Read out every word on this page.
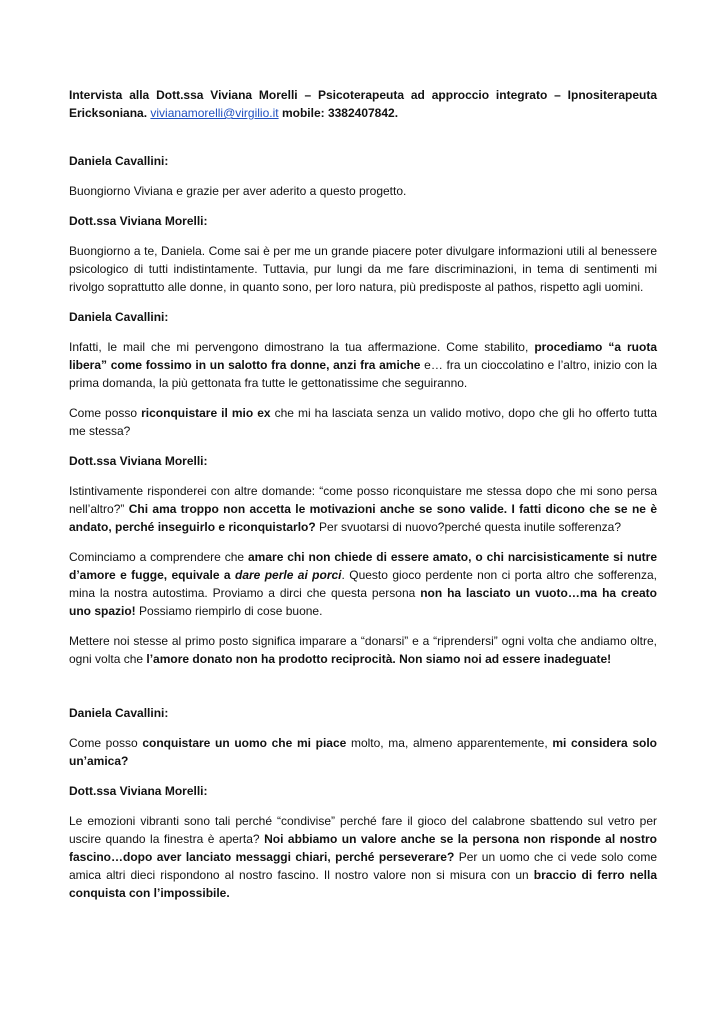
Intervista alla Dott.ssa Viviana Morelli – Psicoterapeuta ad approccio integrato – Ipnositerapeuta Ericksoniana. vivianamorelli@virgilio.it mobile: 3382407842.

Daniela Cavallini:

Buongiorno Viviana e grazie per aver aderito a questo progetto.

Dott.ssa Viviana Morelli:

Buongiorno a te, Daniela. Come sai è per me un grande piacere poter divulgare informazioni utili al benessere psicologico di tutti indistintamente. Tuttavia, pur lungi da me fare discriminazioni, in tema di sentimenti mi rivolgo soprattutto alle donne, in quanto sono, per loro natura, più predisposte al pathos, rispetto agli uomini.

Daniela Cavallini:

Infatti, le mail che mi pervengono dimostrano la tua affermazione. Come stabilito, procediamo “a ruota libera” come fossimo in un salotto fra donne, anzi fra amiche e… fra un cioccolatino e l’altro, inizio con la prima domanda, la più gettonata fra tutte le gettonatissime che seguiranno.

Come posso riconquistare il mio ex che mi ha lasciata senza un valido motivo, dopo che gli ho offerto tutta me stessa?

Dott.ssa Viviana Morelli:

Istintivamente risponderei con altre domande: “come posso riconquistare me stessa dopo che mi sono persa nell’altro?” Chi ama troppo non accetta le motivazioni anche se sono valide. I fatti dicono che se ne è andato, perché inseguirlo e riconquistarlo? Per svuotarsi di nuovo?perché questa inutile sofferenza?

Cominciamo a comprendere che amare chi non chiede di essere amato, o chi narcisisticamente si nutre d’amore e fugge, equivale a dare perle ai porci. Questo gioco perdente non ci porta altro che sofferenza, mina la nostra autostima. Proviamo a dirci che questa persona non ha lasciato un vuoto…ma ha creato uno spazio! Possiamo riempirlo di cose buone.

Mettere noi stesse al primo posto significa imparare a “donarsi” e a “riprendersi” ogni volta che andiamo oltre, ogni volta che l’amore donato non ha prodotto reciprocità. Non siamo noi ad essere inadeguate!

Daniela Cavallini:

Come posso conquistare un uomo che mi piace molto, ma, almeno apparentemente, mi considera solo un’amica?

Dott.ssa Viviana Morelli:

Le emozioni vibranti sono tali perché “condivise” perché fare il gioco del calabrone sbattendo sul vetro per uscire quando la finestra è aperta? Noi abbiamo un valore anche se la persona non risponde al nostro fascino…dopo aver lanciato messaggi chiari, perché perseverare? Per un uomo che ci vede solo come amica altri dieci rispondono al nostro fascino. Il nostro valore non si misura con un braccio di ferro nella conquista con l’impossibile.
